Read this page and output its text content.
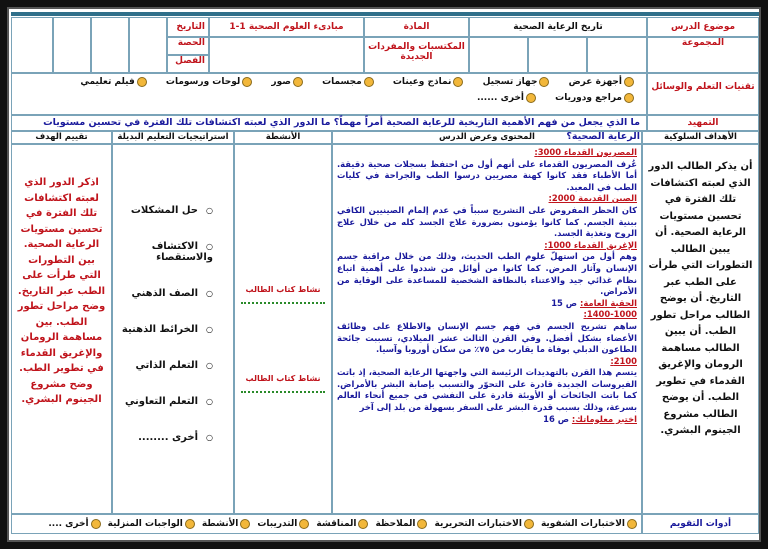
موضوع الدرس
المجموعة
تاريخ الرعاية الصحية
المادة
المكتسبات والمفردات الجديدة
مبادىء العلوم الصحية 1-1
التاريخ
الحصة
الفصل
تقنيات التعلم والوسائل
أجهزة عرض

جهاز تسجيل

نماذج وعينات

مجسمات

صور

لوحات ورسومات

فيلم تعليمي
مراجع ودوريات

أخرى ......
التمهيد
ما الذي يجعل من فهم الأهمية التاريخية للرعاية الصحية أمراً مهماً؟ ما الدور الذي لعبته اكتشافات تلك الفترة في تحسين مستويات الرعاية الصحية؟	الأهداف السلوكية
المحتوى وعرض الدرس
الأنشطة
استراتيجيات التعليم البديلة
تقييم الهدف
أن يذكر الطالب الدور الذي لعبته اكتشافات تلك الفترة في تحسين مستويات الرعاية الصحية. أن يبين الطالب التطورات التي طرأت على الطب عبر التاريخ. أن يوضح الطالب مراحل تطور الطب. أن يبين الطالب مساهمة الرومان والإغريق القدماء في تطوير الطب. أن يوضح الطالب مشروع الجينوم البشري.
المصريون القدماء 3000:
عُرف المصريون القدماء على أنهم أول من احتفظ بسجلات صحية دقيقة. أما الأطباء فقد كانوا كهنة مصريين درسوا الطب والجراحة في كليات الطب في المعبد.
الصين القديمة 2000:
كان الحظر المفروض على التشريح سبباً في عدم إلمام الصينيين الكافي ببنية الجسم. كما كانوا يؤمنون بضرورة علاج الجسد كله من خلال علاج الروح وتغذية الجسد.
الإغريق القدماء 1000:
وهم أول من استهلّ علوم الطب الحديث، وذلك من خلال مراقبة جسم الإنسان وآثار المرض. كما كانوا من أوائل من شددوا على أهمية اتباع نظام غذائي جيد والاعتناء بالنظافة الشخصية للمساعدة على الوقاية من الأمراض.
الحقبة العامة: ص 15
1400-1000:
ساهم تشريح الجسم في فهم جسم الإنسان والاطلاع على وظائف الأعضاء بشكل أفضل. وفي القرن الثالث عشر الميلادي، تسببت جائحة الطاعون الدبلي بوفاة ما يقارب من ٧٥٪ من سكان أوروبا وآسيا.
2100:
يتسم هذا القرن بالتهديدات الرئيسة التي واجهتها الرعاية الصحية، إذ باتت الفيروسات الجديدة قادرة على التحوّر والتسبب بإصابة البشر بالأمراض. كما باتت الجائحات أو الأوبئة قادرة على التفشي في جميع أنحاء العالم بسرعة، وذلك بسبب قدرة البشر على السفر بسهولة من بلد إلى آخر
اختبر معلوماتك: ص 16
نشاط كتاب الطالب
نشاط كتاب الطالب
○ حل المشكلات
○ الاكتشاف والاستقصاء
○ الصف الذهني
○ الخرائط الذهنية
○ التعلم الذاتي
○ التعلم التعاوني
○ أخرى ........
اذكر الدور الذي لعبته اكتشافات تلك الفترة في تحسين مستويات الرعاية الصحية. بين التطورات التي طرأت على الطب عبر التاريخ. وضح مراحل تطور الطب. بين مساهمة الرومان والإغريق القدماء في تطوير الطب. وضح مشروع الجينوم البشري.
أدوات التقويم
الاختبارات الشفوية
الاختبارات التحريرية
الملاحظة
المناقشة
التدريبات
الأنشطة
الواجبات المنزلية
أخرى ....
